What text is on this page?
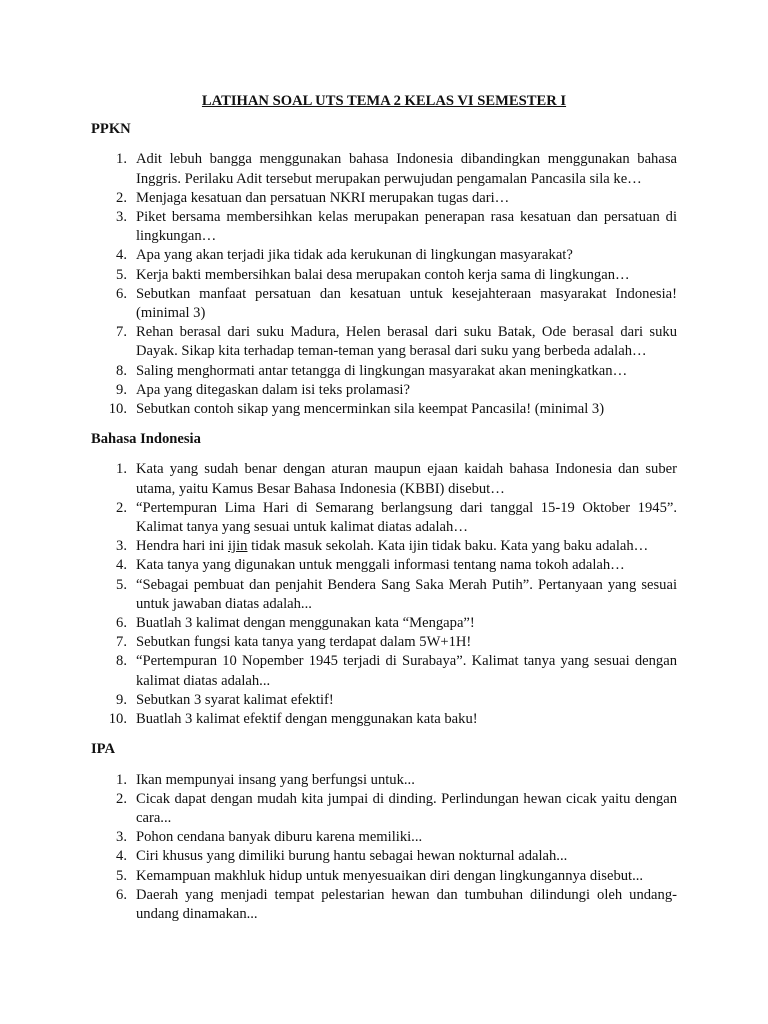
LATIHAN SOAL UTS TEMA 2 KELAS VI SEMESTER I
PPKN
1. Adit lebuh bangga menggunakan bahasa Indonesia dibandingkan menggunakan bahasa Inggris. Perilaku Adit tersebut merupakan perwujudan pengamalan Pancasila sila ke…
2. Menjaga kesatuan dan persatuan NKRI merupakan tugas dari…
3. Piket bersama membersihkan kelas merupakan penerapan rasa kesatuan dan persatuan di lingkungan…
4. Apa yang akan terjadi jika tidak ada kerukunan di lingkungan masyarakat?
5. Kerja bakti membersihkan balai desa merupakan contoh kerja sama di lingkungan…
6. Sebutkan manfaat persatuan dan kesatuan untuk kesejahteraan masyarakat Indonesia! (minimal 3)
7. Rehan berasal dari suku Madura, Helen berasal dari suku Batak, Ode berasal dari suku Dayak. Sikap kita terhadap teman-teman yang berasal dari suku yang berbeda adalah…
8. Saling menghormati antar tetangga di lingkungan masyarakat akan meningkatkan…
9. Apa yang ditegaskan dalam isi teks prolamasi?
10. Sebutkan contoh sikap yang mencerminkan sila keempat Pancasila! (minimal 3)
Bahasa Indonesia
1. Kata yang sudah benar dengan aturan maupun ejaan kaidah bahasa Indonesia dan suber utama, yaitu Kamus Besar Bahasa Indonesia (KBBI) disebut…
2. “Pertempuran Lima Hari di Semarang berlangsung dari tanggal 15-19 Oktober 1945”. Kalimat tanya yang sesuai untuk kalimat diatas adalah…
3. Hendra hari ini ijin tidak masuk sekolah. Kata ijin tidak baku. Kata yang baku adalah…
4. Kata tanya yang digunakan untuk menggali informasi tentang nama tokoh adalah…
5. “Sebagai pembuat dan penjahit Bendera Sang Saka Merah Putih”. Pertanyaan yang sesuai untuk jawaban diatas adalah...
6. Buatlah 3 kalimat dengan menggunakan kata “Mengapa”!
7. Sebutkan fungsi kata tanya yang terdapat dalam 5W+1H!
8. “Pertempuran 10 Nopember 1945 terjadi di Surabaya”. Kalimat tanya yang sesuai dengan kalimat diatas adalah...
9. Sebutkan 3 syarat kalimat efektif!
10. Buatlah 3 kalimat efektif dengan menggunakan kata baku!
IPA
1. Ikan mempunyai insang yang berfungsi untuk...
2. Cicak dapat dengan mudah kita jumpai di dinding. Perlindungan hewan cicak yaitu dengan cara...
3. Pohon cendana banyak diburu karena memiliki...
4. Ciri khusus yang dimiliki burung hantu sebagai hewan nokturnal adalah...
5. Kemampuan makhluk hidup untuk menyesuaikan diri dengan lingkungannya disebut...
6. Daerah yang menjadi tempat pelestarian hewan dan tumbuhan dilindungi oleh undang-undang dinamakan...
